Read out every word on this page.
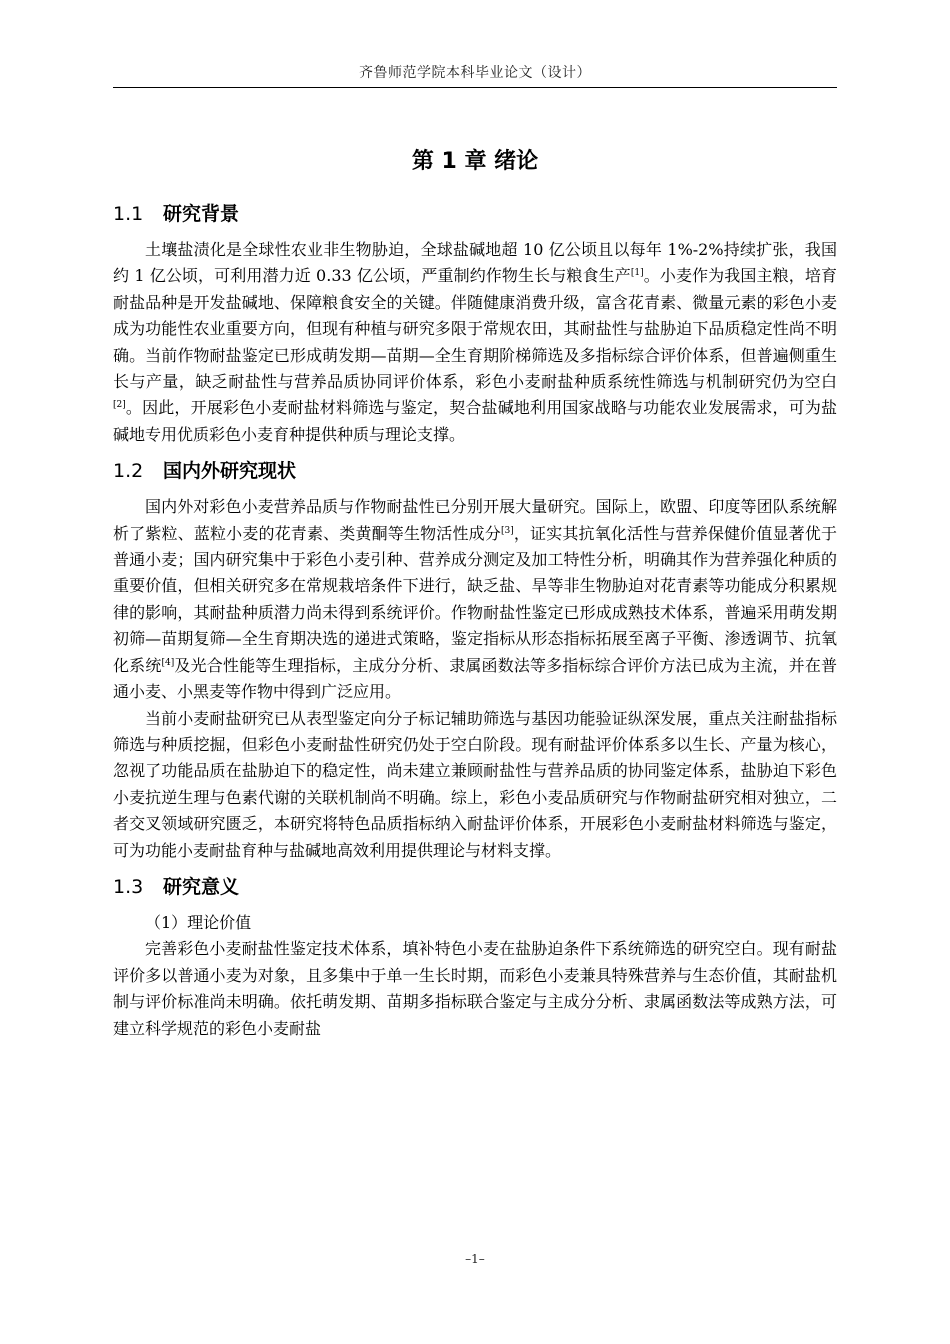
齐鲁师范学院本科毕业论文（设计）
第 1 章 绪论
1.1 研究背景

土壤盐渍化是全球性农业非生物胁迫，全球盐碱地超 10 亿公顷且以每年 1%-2%持续扩张，我国约 1 亿公顷，可利用潜力近 0.33 亿公顷，严重制约作物生长与粮食生产[1]。小麦作为我国主粮，培育耐盐品种是开发盐碱地、保障粮食安全的关键。伴随健康消费升级，富含花青素、微量元素的彩色小麦成为功能性农业重要方向，但现有种植与研究多限于常规农田，其耐盐性与盐胁迫下品质稳定性尚不明确。当前作物耐盐鉴定已形成萌发期—苗期—全生育期阶梯筛选及多指标综合评价体系，但普遍侧重生长与产量，缺乏耐盐性与营养品质协同评价体系，彩色小麦耐盐种质系统性筛选与机制研究仍为空白[2]。因此，开展彩色小麦耐盐材料筛选与鉴定，契合盐碱地利用国家战略与功能农业发展需求，可为盐碱地专用优质彩色小麦育种提供种质与理论支撑。

1.2 国内外研究现状

国内外对彩色小麦营养品质与作物耐盐性已分别开展大量研究。国际上，欧盟、印度等团队系统解析了紫粒、蓝粒小麦的花青素、类黄酮等生物活性成分[3]，证实其抗氧化活性与营养保健价值显著优于普通小麦；国内研究集中于彩色小麦引种、营养成分测定及加工特性分析，明确其作为营养强化种质的重要价值，但相关研究多在常规栽培条件下进行，缺乏盐、旱等非生物胁迫对花青素等功能成分积累规律的影响，其耐盐种质潜力尚未得到系统评价。作物耐盐性鉴定已形成成熟技术体系，普遍采用萌发期初筛—苗期复筛—全生育期决选的递进式策略，鉴定指标从形态指标拓展至离子平衡、渗透调节、抗氧化系统[4]及光合性能等生理指标，主成分分析、隶属函数法等多指标综合评价方法已成为主流，并在普通小麦、小黑麦等作物中得到广泛应用。

当前小麦耐盐研究已从表型鉴定向分子标记辅助筛选与基因功能验证纵深发展，重点关注耐盐指标筛选与种质挖掘，但彩色小麦耐盐性研究仍处于空白阶段。现有耐盐评价体系多以生长、产量为核心，忽视了功能品质在盐胁迫下的稳定性，尚未建立兼顾耐盐性与营养品质的协同鉴定体系，盐胁迫下彩色小麦抗逆生理与色素代谢的关联机制尚不明确。综上，彩色小麦品质研究与作物耐盐研究相对独立，二者交叉领域研究匮乏，本研究将特色品质指标纳入耐盐评价体系，开展彩色小麦耐盐材料筛选与鉴定，可为功能小麦耐盐育种与盐碱地高效利用提供理论与材料支撑。

1.3 研究意义

（1）理论价值

完善彩色小麦耐盐性鉴定技术体系，填补特色小麦在盐胁迫条件下系统筛选的研究空白。现有耐盐评价多以普通小麦为对象，且多集中于单一生长时期，而彩色小麦兼具特殊营养与生态价值，其耐盐机制与评价标准尚未明确。依托萌发期、苗期多指标联合鉴定与主成分分析、隶属函数法等成熟方法，可建立科学规范的彩色小麦耐盐

–1–
